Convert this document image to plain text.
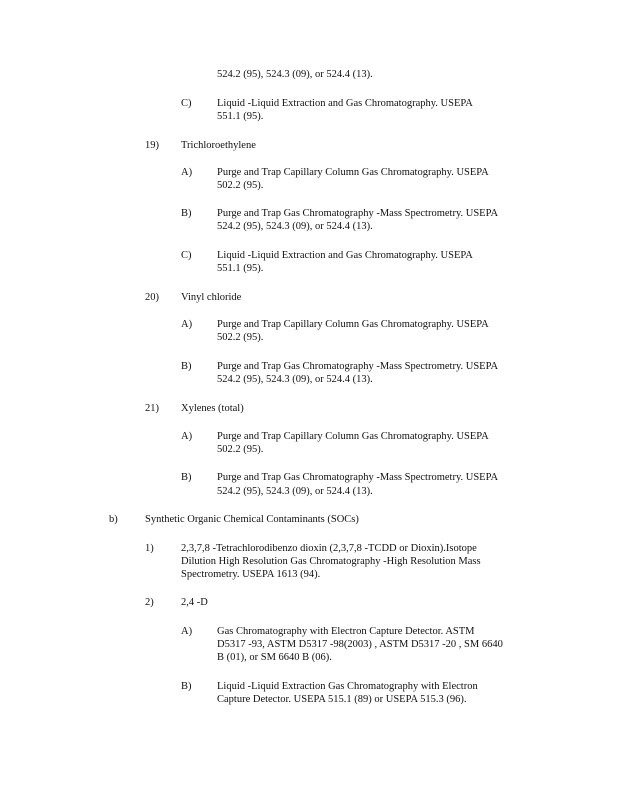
524.2 (95), 524.3 (09), or 524.4 (13).
C) Liquid -Liquid Extraction and Gas Chromatography. USEPA
551.1 (95).
19) Trichloroethylene
A) Purge and Trap Capillary Column Gas Chromatography. USEPA
502.2 (95).
B) Purge and Trap Gas Chromatography -Mass Spectrometry. USEPA
524.2 (95), 524.3 (09), or 524.4 (13).
C) Liquid -Liquid Extraction and Gas Chromatography. USEPA
551.1 (95).
20) Vinyl chloride
A) Purge and Trap Capillary Column Gas Chromatography. USEPA
502.2 (95).
B) Purge and Trap Gas Chromatography -Mass Spectrometry. USEPA
524.2 (95), 524.3 (09), or 524.4 (13).
21) Xylenes (total)
A) Purge and Trap Capillary Column Gas Chromatography. USEPA
502.2 (95).
B) Purge and Trap Gas Chromatography -Mass Spectrometry. USEPA
524.2 (95), 524.3 (09), or 524.4 (13).
b)	Synthetic Organic Chemical Contaminants (SOCs)
1)	2,3,7,8 -Tetrachlorodibenzo dioxin (2,3,7,8 -TCDD or Dioxin).Isotope
Dilution High Resolution Gas Chromatography -High Resolution Mass
Spectrometry. USEPA 1613 (94).
2)	2,4 -D
A) Gas Chromatography with Electron Capture Detector. ASTM
D5317 -93, ASTM D5317 -98(2003) , ASTM D5317 -20 , SM 6640
B (01), or SM 6640 B (06).
B) Liquid -Liquid Extraction Gas Chromatography with Electron
Capture Detector. USEPA 515.1 (89) or USEPA 515.3 (96).
